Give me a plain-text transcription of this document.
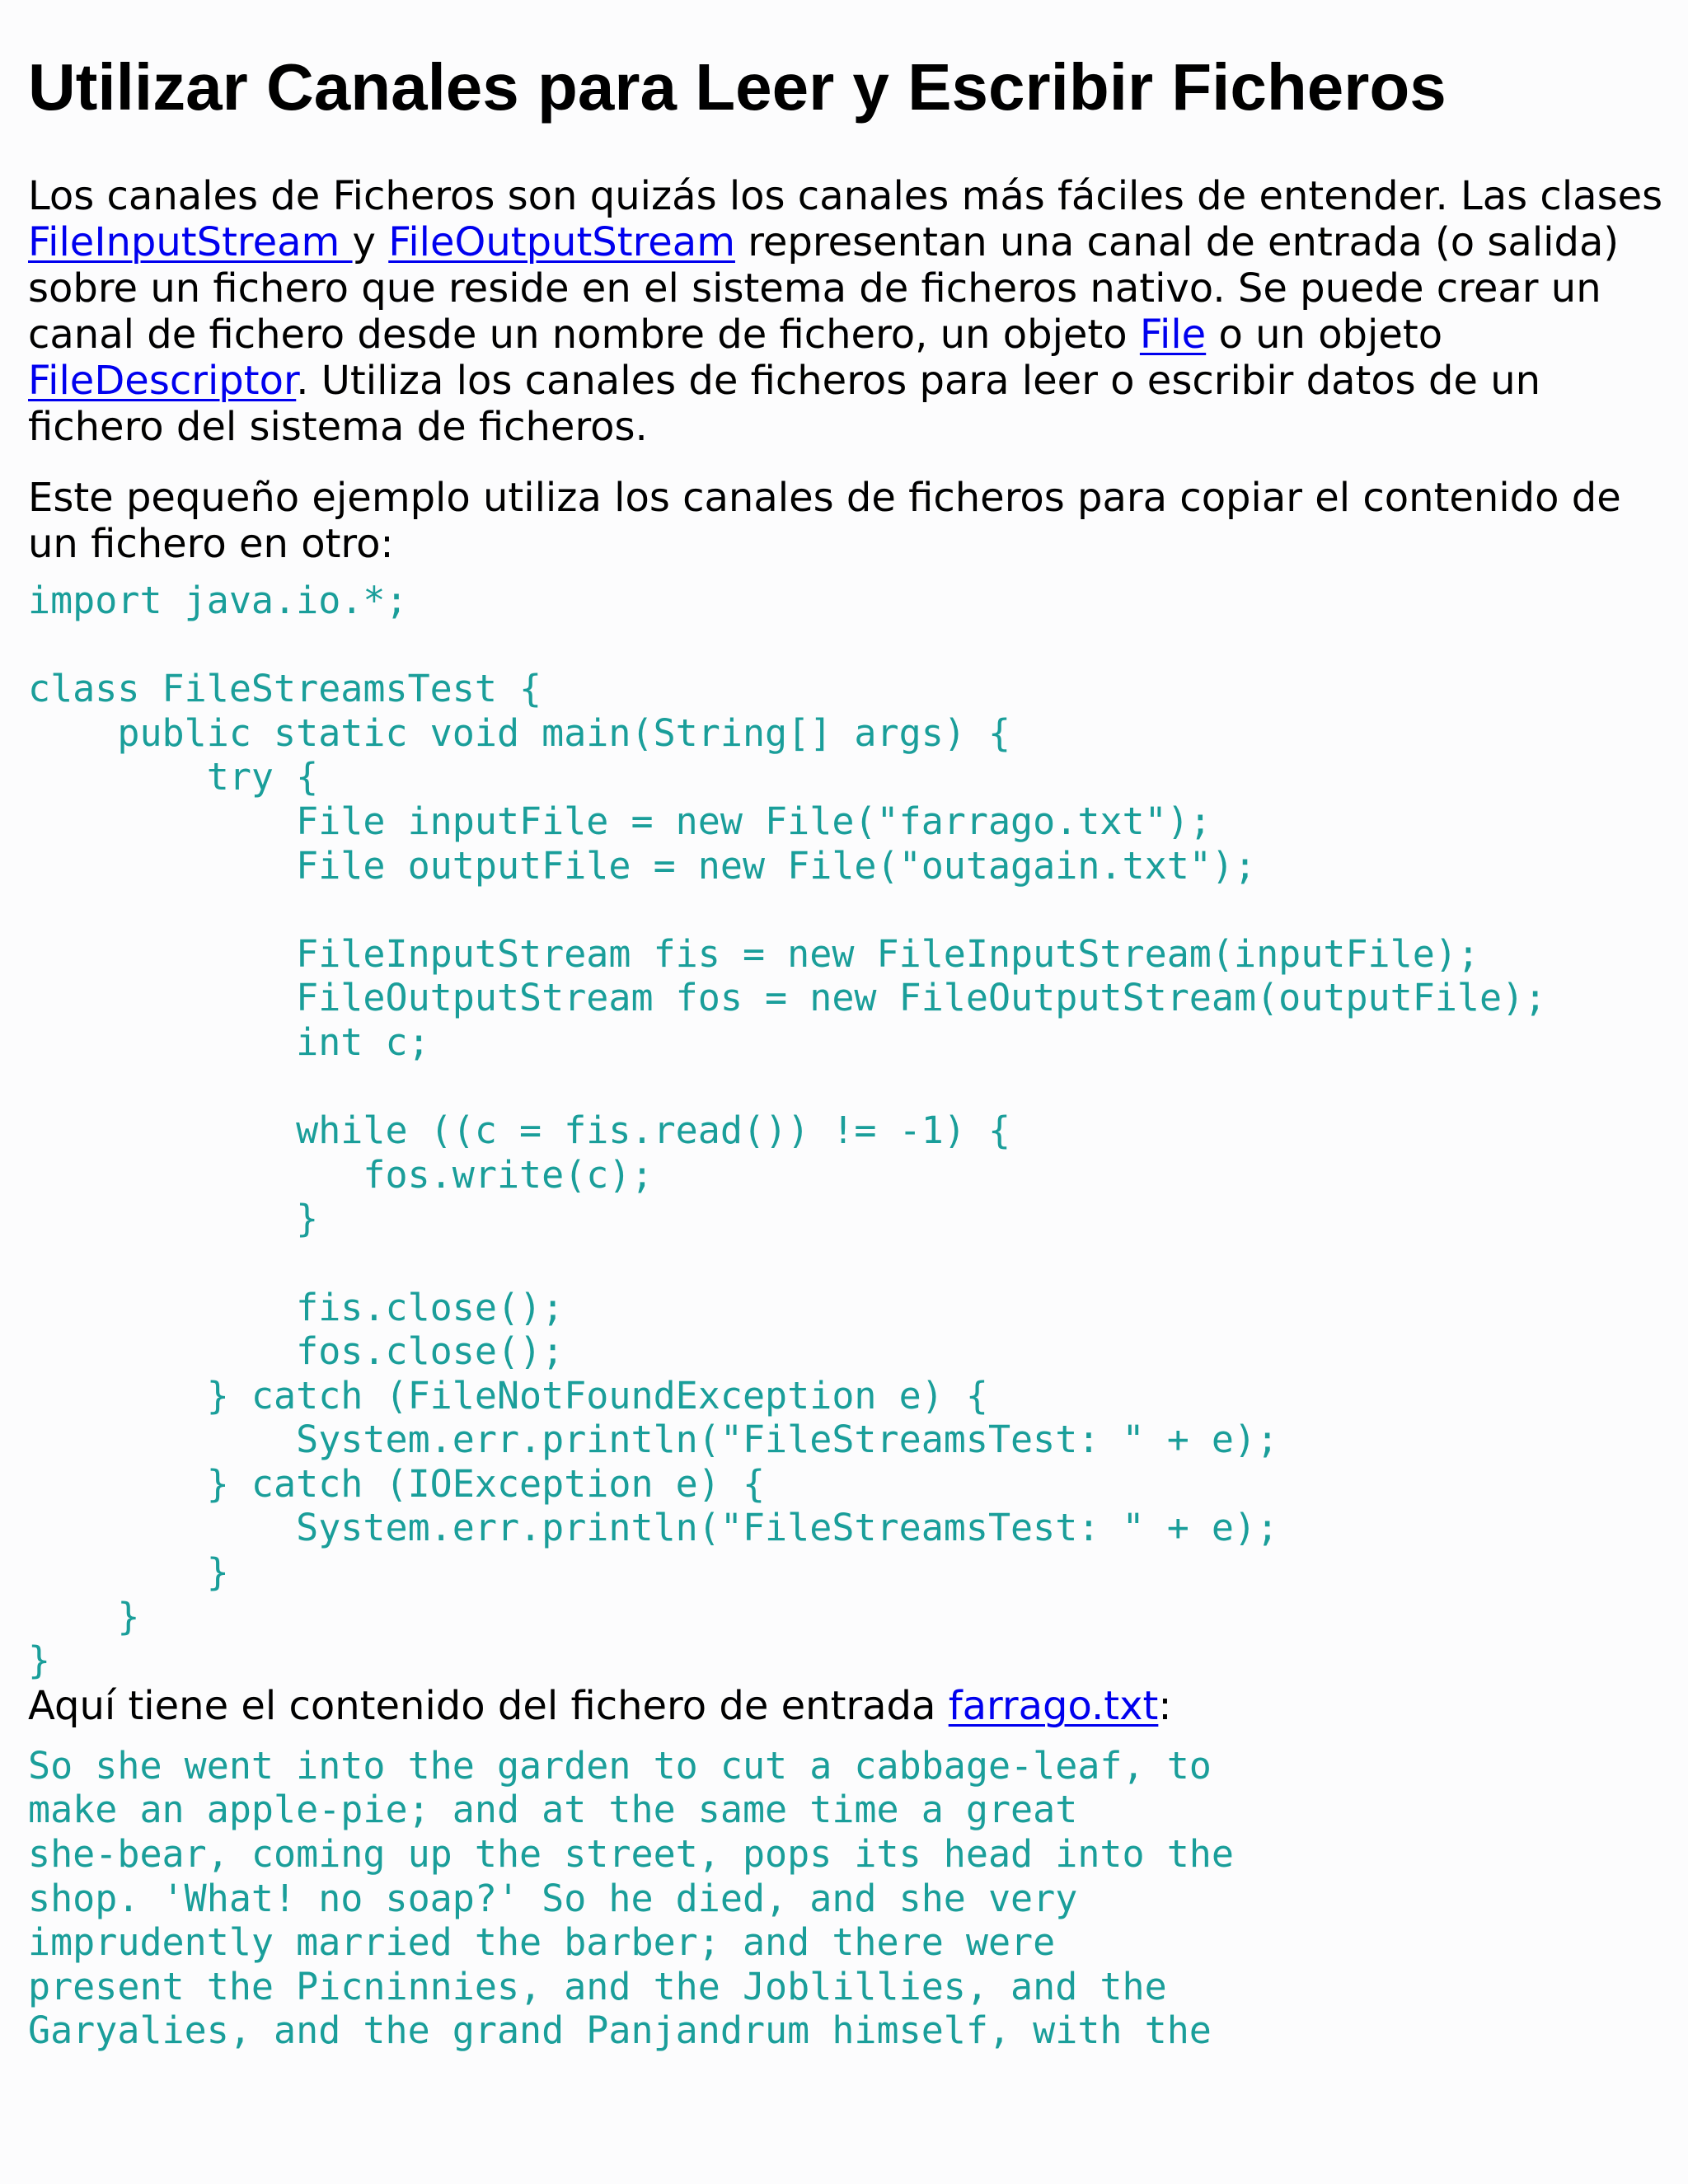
Utilizar Canales para Leer y Escribir Ficheros

Los canales de Ficheros son quizás los canales más fáciles de entender. Las clases FileInputStream y FileOutputStream representan una canal de entrada (o salida) sobre un fichero que reside en el sistema de ficheros nativo. Se puede crear un canal de fichero desde un nombre de fichero, un objeto File o un objeto FileDescriptor. Utiliza los canales de ficheros para leer o escribir datos de un fichero del sistema de ficheros.

Este pequeño ejemplo utiliza los canales de ficheros para copiar el contenido de un fichero en otro:

import java.io.*;

class FileStreamsTest {
public static void main(String[] args) {
try {
File inputFile = new File("farrago.txt");
File outputFile = new File("outagain.txt");

FileInputStream fis = new FileInputStream(inputFile);
FileOutputStream fos = new FileOutputStream(outputFile);
int c;

while ((c = fis.read()) != -1) {
fos.write(c);
}

fis.close();
fos.close();
} catch (FileNotFoundException e) {
System.err.println("FileStreamsTest: " + e);
} catch (IOException e) {
System.err.println("FileStreamsTest: " + e);
}
}
}

Aquí tiene el contenido del fichero de entrada farrago.txt:

So she went into the garden to cut a cabbage-leaf, to
make an apple-pie; and at the same time a great
she-bear, coming up the street, pops its head into the
shop. 'What! no soap?' So he died, and she very
imprudently married the barber; and there were
present the Picninnies, and the Joblillies, and the
Garyalies, and the grand Panjandrum himself, with the
